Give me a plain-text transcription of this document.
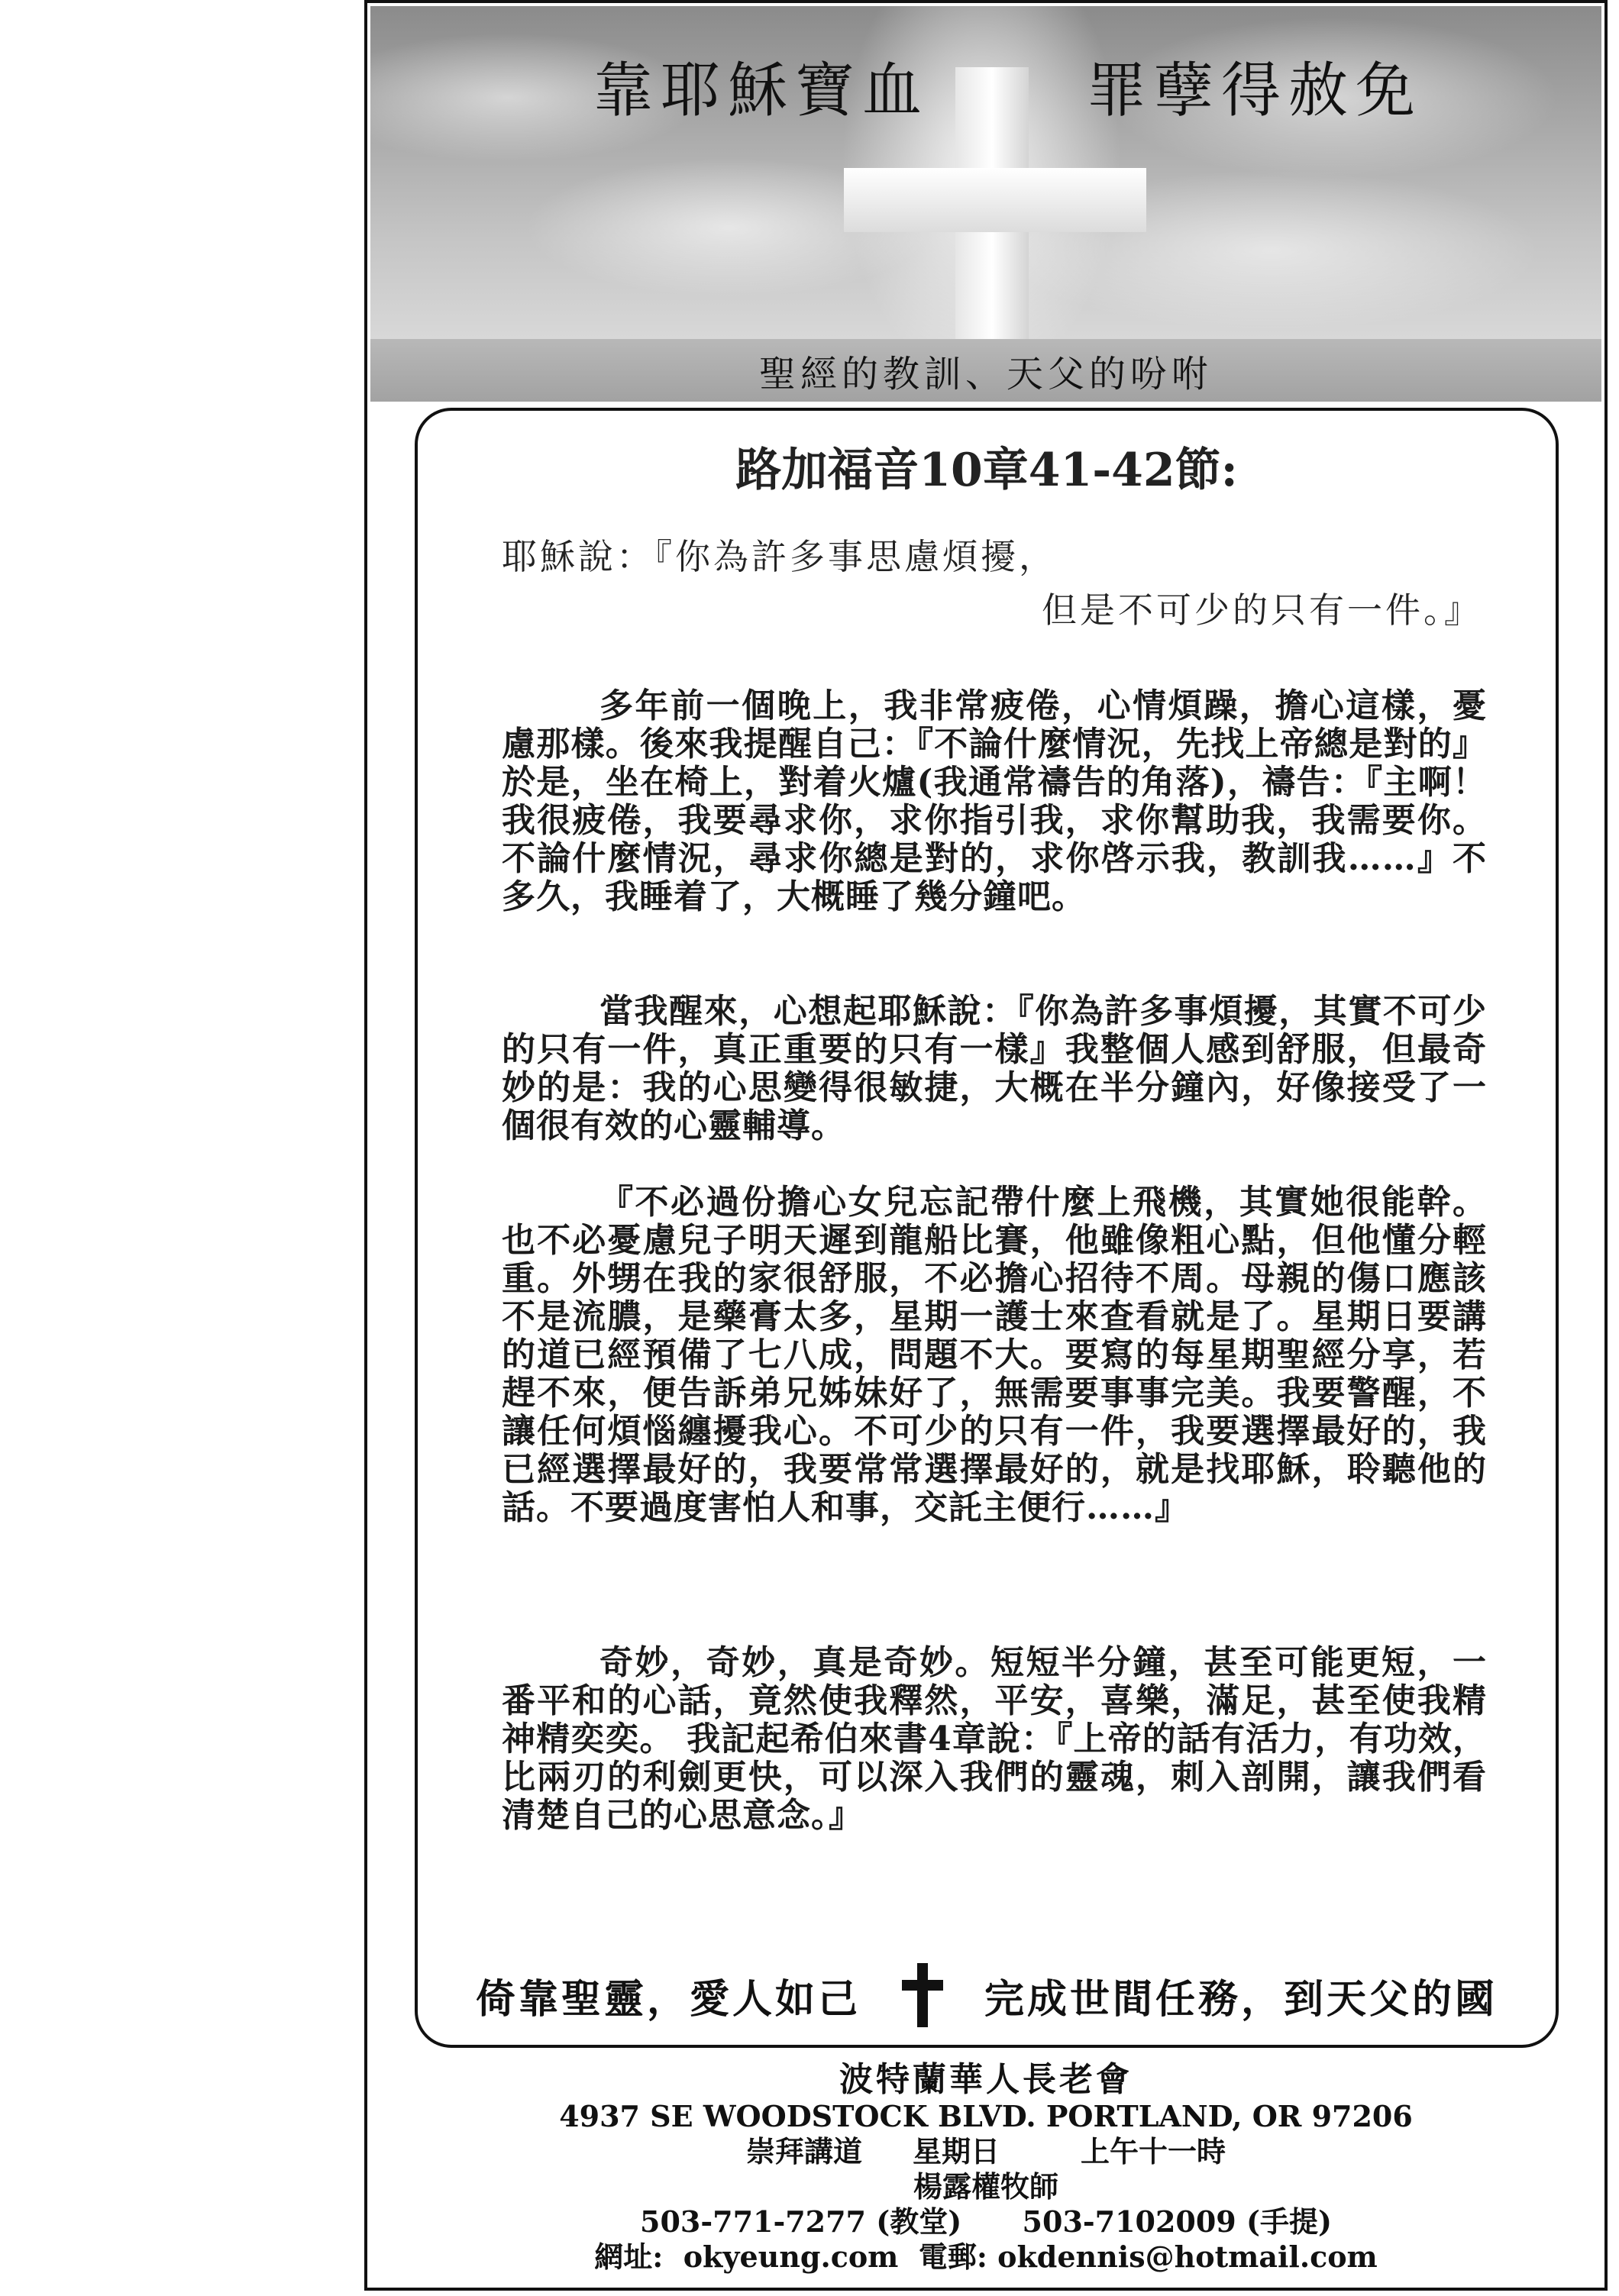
靠耶穌寶血	罪孽得赦免
聖經的教訓、天父的吩咐
路加福音10章41-42節:
耶穌說：『你為許多事思慮煩擾，
但是不可少的只有一件。』

多年前一個晚上，我非常疲倦，心情煩躁，擔心這樣，憂慮那樣。後來我提醒自己：『不論什麼情況，先找上帝總是對的』於是，坐在椅上，對着火爐(我通常禱告的角落)，禱告：『主啊！我很疲倦，我要尋求你，求你指引我，求你幫助我，我需要你。不論什麼情況，尋求你總是對的，求你啓示我，教訓我……』不多久，我睡着了，大概睡了幾分鐘吧。

當我醒來，心想起耶穌說：『你為許多事煩擾，其實不可少的只有一件，真正重要的只有一樣』我整個人感到舒服，但最奇妙的是：我的心思變得很敏捷，大概在半分鐘內，好像接受了一個很有效的心靈輔導。

『不必過份擔心女兒忘記帶什麼上飛機，其實她很能幹。也不必憂慮兒子明天遲到龍船比賽，他雖像粗心點，但他懂分輕重。外甥在我的家很舒服，不必擔心招待不周。母親的傷口應該不是流膿，是藥膏太多，星期一護士來查看就是了。星期日要講的道已經預備了七八成，問題不大。要寫的每星期聖經分享，若趕不來，便告訴弟兄姊妹好了，無需要事事完美。我要警醒，不讓任何煩惱纏擾我心。不可少的只有一件，我要選擇最好的，我已經選擇最好的，我要常常選擇最好的，就是找耶穌，聆聽他的話。不要過度害怕人和事，交託主便行……』

奇妙，奇妙，真是奇妙。短短半分鐘，甚至可能更短，一番平和的心話，竟然使我釋然，平安，喜樂，滿足，甚至使我精神精奕奕。 我記起希伯來書4章說：『上帝的話有活力，有功效，比兩刃的利劍更快，可以深入我們的靈魂，刺入剖開，讓我們看清楚自己的心思意念。』

倚靠聖靈，愛人如己	完成世間任務，到天父的國
波特蘭華人長老會
4937 SE WOODSTOCK BLVD. PORTLAND, OR 97206
崇拜講道     星期日        上午十一時
楊露權牧師
503-771-7277 (教堂)      503-7102009 (手提)
網址:  okyeung.com  電郵: okdennis@hotmail.com
